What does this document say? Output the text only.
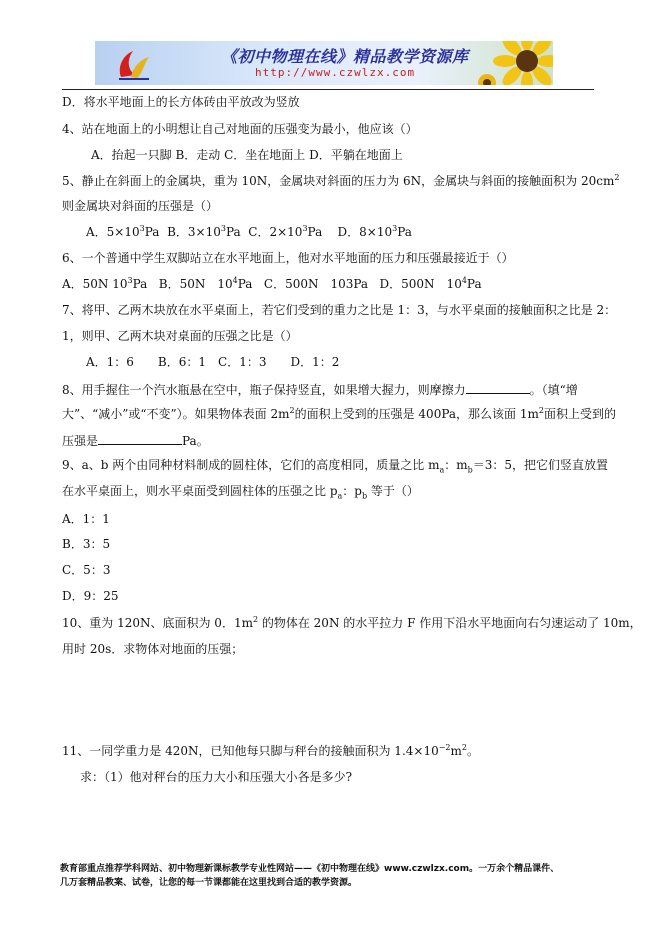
《初中物理在线》精品教学资源库
http://www.czwlzx.com
D．将水平地面上的长方体砖由平放改为竖放
4、站在地面上的小明想让自己对地面的压强变为最小，他应该（）
A．抬起一只脚 B．走动 C．坐在地面上 D．平躺在地面上
5、静止在斜面上的金属块，重为 10N，金属块对斜面的压力为 6N，金属块与斜面的接触面积为 $20cm^2$
则金属块对斜面的压强是（）
A．$5\times 10^3Pa$ B．$3\times 10^3Pa$ C．$2\times 10^3Pa$ D．$8\times 10^3Pa$
6、一个普通中学生双脚站立在水平地面上，他对水平地面的压力和压强最接近于（）
A．50N $10^3Pa$ B．50N　$10^4Pa$ C．500N　103Pa D．500N　$10^4Pa$
7、将甲、乙两木块放在水平桌面上，若它们受到的重力之比是 1：3，与水平桌面的接触面积之比是 2：
1，则甲、乙两木块对桌面的压强之比是（）
A．1：6　　B．6：1　C．1：3　　D．1：2
8、用手握住一个汽水瓶悬在空中，瓶子保持竖直，如果增大握力，则摩擦力	。（填“增
大”、“减小”或“不变”）。如果物体表面 $2m^2$的面积上受到的压强是 400Pa，那么该面 $1m^2$面积上受到的
压强是	Pa。
9、a、b 两个由同种材料制成的圆柱体，它们的高度相同，质量之比 $m_a$：$m_b=3$：5，把它们竖直放置
在水平桌面上，则水平桌面受到圆柱体的压强之比 $p_a$：$p_b$ 等于（）
A．1：1
B．3：5
C．5：3
D．9：25
10、重为 120N、底面积为 0．$1m^2$ 的物体在 20N 的水平拉力 F 作用下沿水平地面向右匀速运动了 10m，
用时 20s．求物体对地面的压强；
11、一同学重力是 420N，已知他每只脚与秤台的接触面积为 $1.4\times 10^{-2}m^2$。
求：（1）他对秤台的压力大小和压强大小各是多少?
教育部重点推荐学科网站、初中物理新课标教学专业性网站——《初中物理在线》www.czwlzx.com。一万余个精品课件、
几万套精品教案、试卷，让您的每一节课都能在这里找到合适的教学资源。
